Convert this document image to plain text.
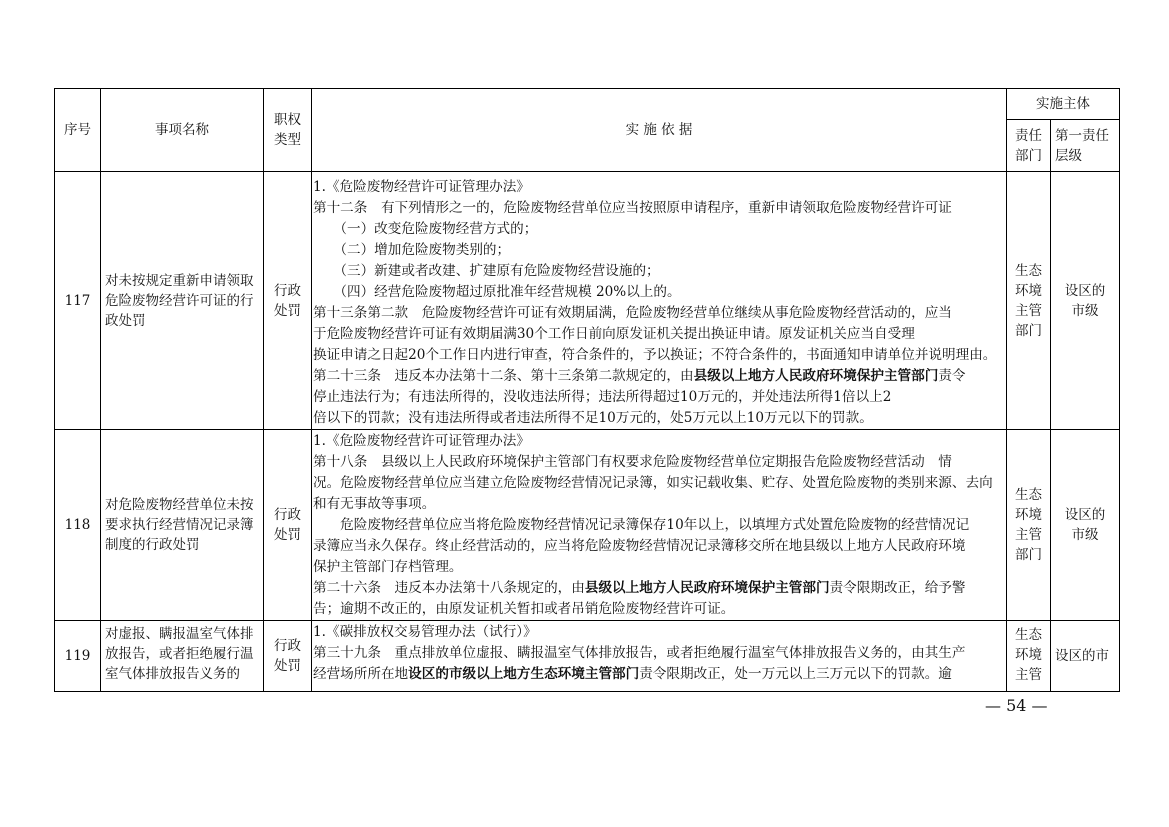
序号	事项名称
职权类型
实 施 依 据
实施主体
责任部门
第一责任层级
117
对未按规定重新申请领取危险废物经营许可证的行政处罚
行政处罚
1.《危险废物经营许可证管理办法》
第十二条　有下列情形之一的，危险废物经营单位应当按照原申请程序，重新申请领取危险废物经营许可证
　　（一）改变危险废物经营方式的；
　　（二）增加危险废物类别的；
　　（三）新建或者改建、扩建原有危险废物经营设施的；
　　（四）经营危险废物超过原批准年经营规模 20%以上的。
第十三条第二款　危险废物经营许可证有效期届满，危险废物经营单位继续从事危险废物经营活动的，应当
于危险废物经营许可证有效期届满30个工作日前向原发证机关提出换证申请。原发证机关应当自受理
换证申请之日起20个工作日内进行审查，符合条件的，予以换证；不符合条件的，书面通知申请单位并说明理由。
第二十三条　违反本办法第十二条、第十三条第二款规定的，由县级以上地方人民政府环境保护主管部门责令
停止违法行为；有违法所得的，没收违法所得；违法所得超过10万元的，并处违法所得1倍以上2
倍以下的罚款；没有违法所得或者违法所得不足10万元的，处5万元以上10万元以下的罚款。
生态环境主管部门
设区的市级
118
对危险废物经营单位未按要求执行经营情况记录簿制度的行政处罚
行政处罚
1.《危险废物经营许可证管理办法》
第十八条　县级以上人民政府环境保护主管部门有权要求危险废物经营单位定期报告危险废物经营活动　情
况。危险废物经营单位应当建立危险废物经营情况记录簿，如实记载收集、贮存、处置危险废物的类别来源、去向
和有无事故等事项。
　　危险废物经营单位应当将危险废物经营情况记录簿保存10年以上，以填埋方式处置危险废物的经营情况记
录簿应当永久保存。终止经营活动的，应当将危险废物经营情况记录簿移交所在地县级以上地方人民政府环境
保护主管部门存档管理。
第二十六条　违反本办法第十八条规定的，由县级以上地方人民政府环境保护主管部门责令限期改正，给予警
告；逾期不改正的，由原发证机关暂扣或者吊销危险废物经营许可证。
生态环境主管部门
设区的市级
119
对虚报、瞒报温室气体排放报告，或者拒绝履行温室气体排放报告义务的
行政处罚
1.《碳排放权交易管理办法（试行）》
第三十九条　重点排放单位虚报、瞒报温室气体排放报告，或者拒绝履行温室气体排放报告义务的，由其生产
经营场所所在地设区的市级以上地方生态环境主管部门责令限期改正，处一万元以上三万元以下的罚款。逾
生态环境主管
设区的市
— 54 —
